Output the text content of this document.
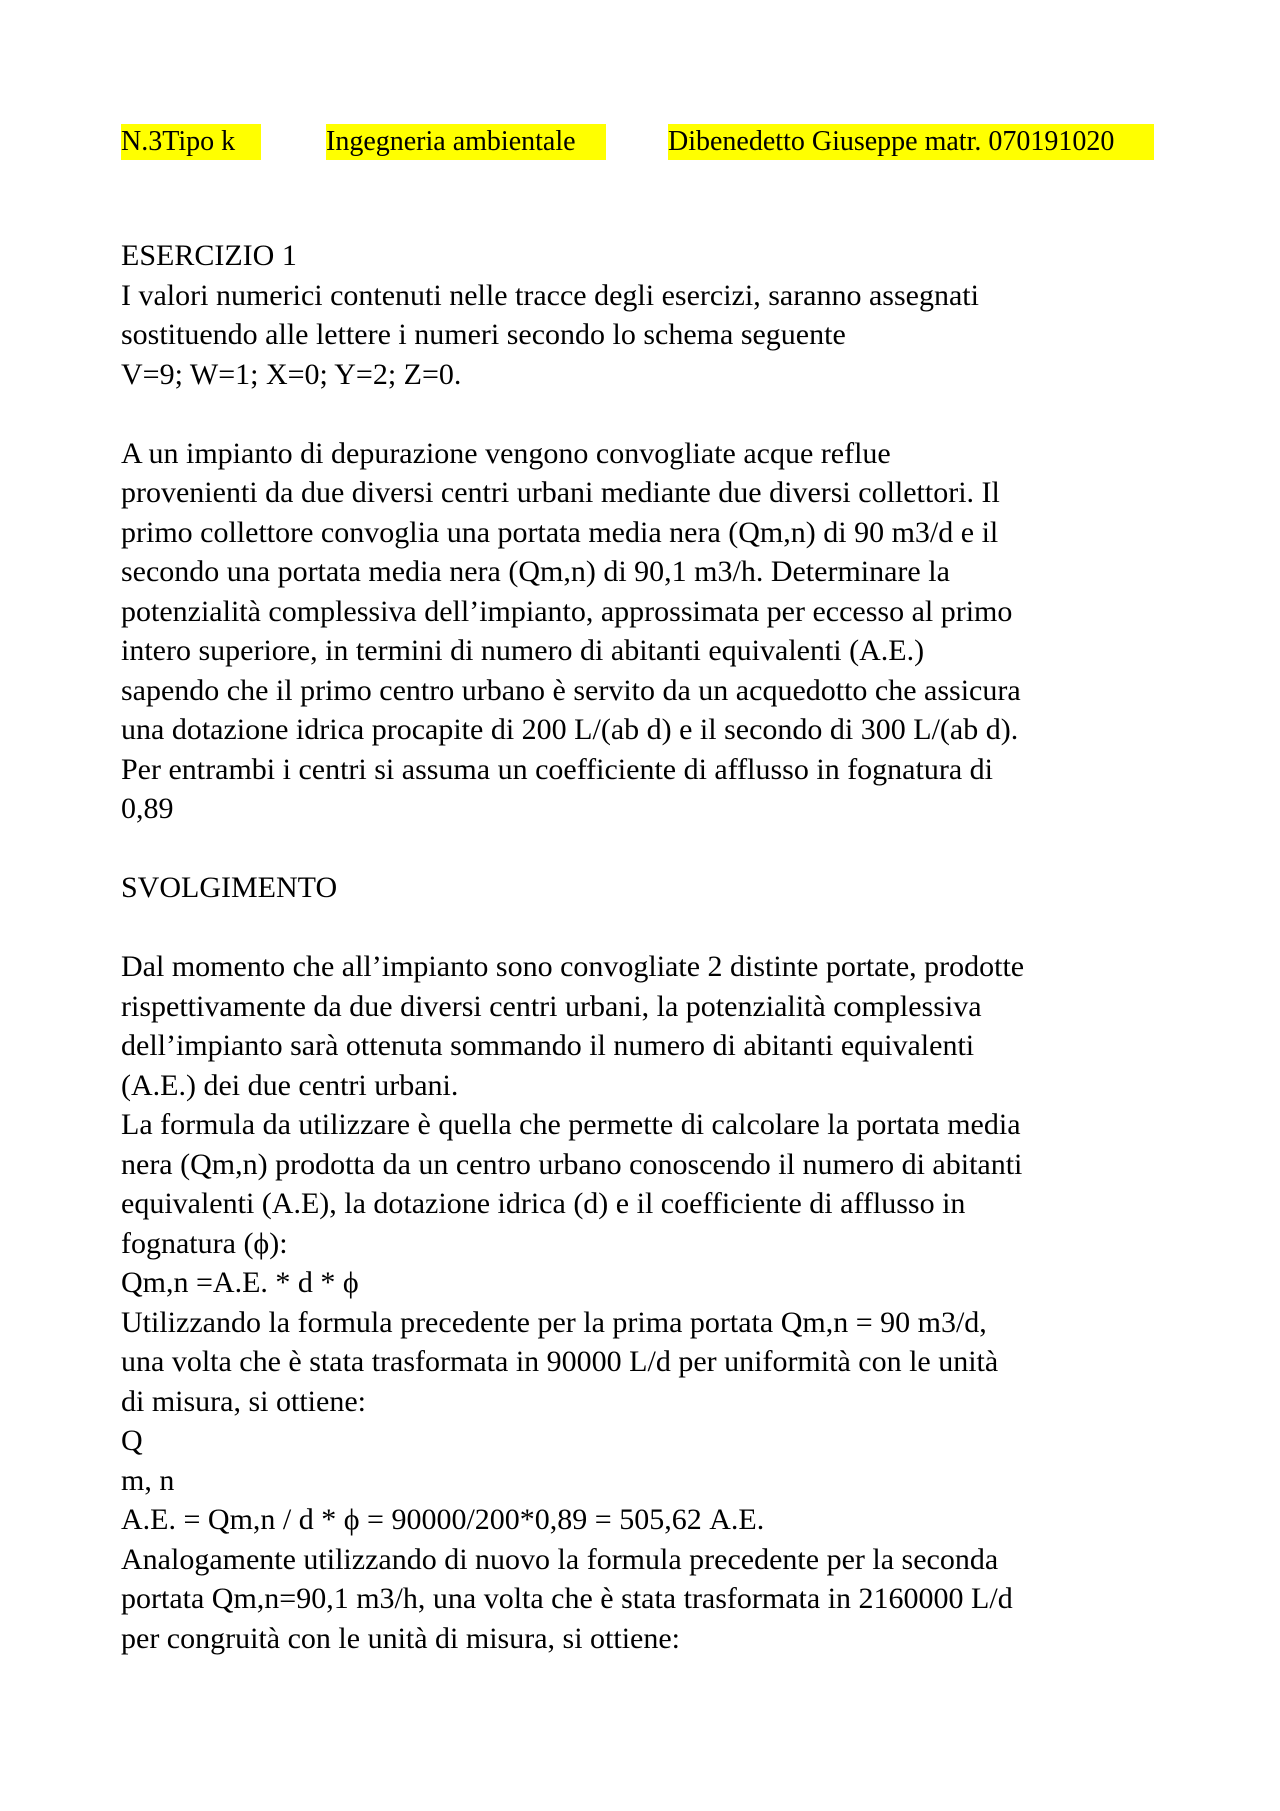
N.3Tipo k	Ingegneria ambientale	Dibenedetto Giuseppe matr. 070191020

ESERCIZIO 1

I valori numerici contenuti nelle tracce degli esercizi, saranno assegnati

sostituendo alle lettere i numeri secondo lo schema seguente

V=9; W=1; X=0; Y=2; Z=0.

A un impianto di depurazione vengono convogliate acque reflue

provenienti da due diversi centri urbani mediante due diversi collettori. Il

primo collettore convoglia una portata media nera (Qm,n) di 90 m3/d e il

secondo una portata media nera (Qm,n) di 90,1 m3/h. Determinare la

potenzialità complessiva dell’impianto, approssimata per eccesso al primo

intero superiore, in termini di numero di abitanti equivalenti (A.E.)

sapendo che il primo centro urbano è servito da un acquedotto che assicura

una dotazione idrica procapite di 200 L/(ab d) e il secondo di 300 L/(ab d).

Per entrambi i centri si assuma un coefficiente di afflusso in fognatura di

0,89

SVOLGIMENTO

Dal momento che all’impianto sono convogliate 2 distinte portate, prodotte

rispettivamente da due diversi centri urbani, la potenzialità complessiva

dell’impianto sarà ottenuta sommando il numero di abitanti equivalenti

(A.E.) dei due centri urbani.

La formula da utilizzare è quella che permette di calcolare la portata media

nera (Qm,n) prodotta da un centro urbano conoscendo il numero di abitanti

equivalenti (A.E), la dotazione idrica (d) e il coefficiente di afflusso in

fognatura (ϕ):

Qm,n =A.E. * d * ϕ

Utilizzando la formula precedente per la prima portata Qm,n = 90 m3/d,

una volta che è stata trasformata in 90000 L/d per uniformità con le unità

di misura, si ottiene:

Q

m, n

A.E. = Qm,n / d * ϕ = 90000/200*0,89 = 505,62 A.E.

Analogamente utilizzando di nuovo la formula precedente per la seconda

portata Qm,n=90,1 m3/h, una volta che è stata trasformata in 2160000 L/d

per congruità con le unità di misura, si ottiene:
